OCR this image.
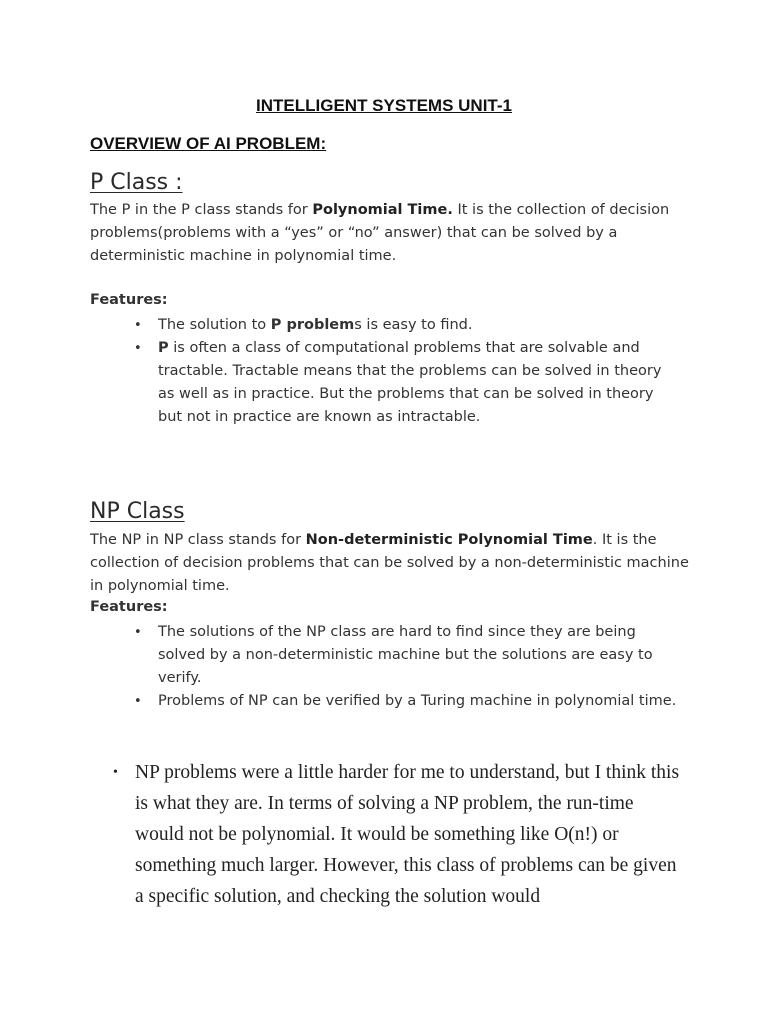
INTELLIGENT SYSTEMS UNIT-1
OVERVIEW OF AI PROBLEM:
P Class :

The P in the P class stands for Polynomial Time. It is the collection of decision problems(problems with a “yes” or “no” answer) that can be solved by a deterministic machine in polynomial time.

Features:
• The solution to P problems is easy to find.
• P is often a class of computational problems that are solvable and tractable. Tractable means that the problems can be solved in theory as well as in practice. But the problems that can be solved in theory but not in practice are known as intractable.
NP Class

The NP in NP class stands for Non-deterministic Polynomial Time. It is the collection of decision problems that can be solved by a non-deterministic machine in polynomial time.

Features:
• The solutions of the NP class are hard to find since they are being solved by a non-deterministic machine but the solutions are easy to verify.
• Problems of NP can be verified by a Turing machine in polynomial time.
• NP problems were a little harder for me to understand, but I think this is what they are. In terms of solving a NP problem, the run-time would not be polynomial. It would be something like O(n!) or something much larger. However, this class of problems can be given a specific solution, and checking the solution would
